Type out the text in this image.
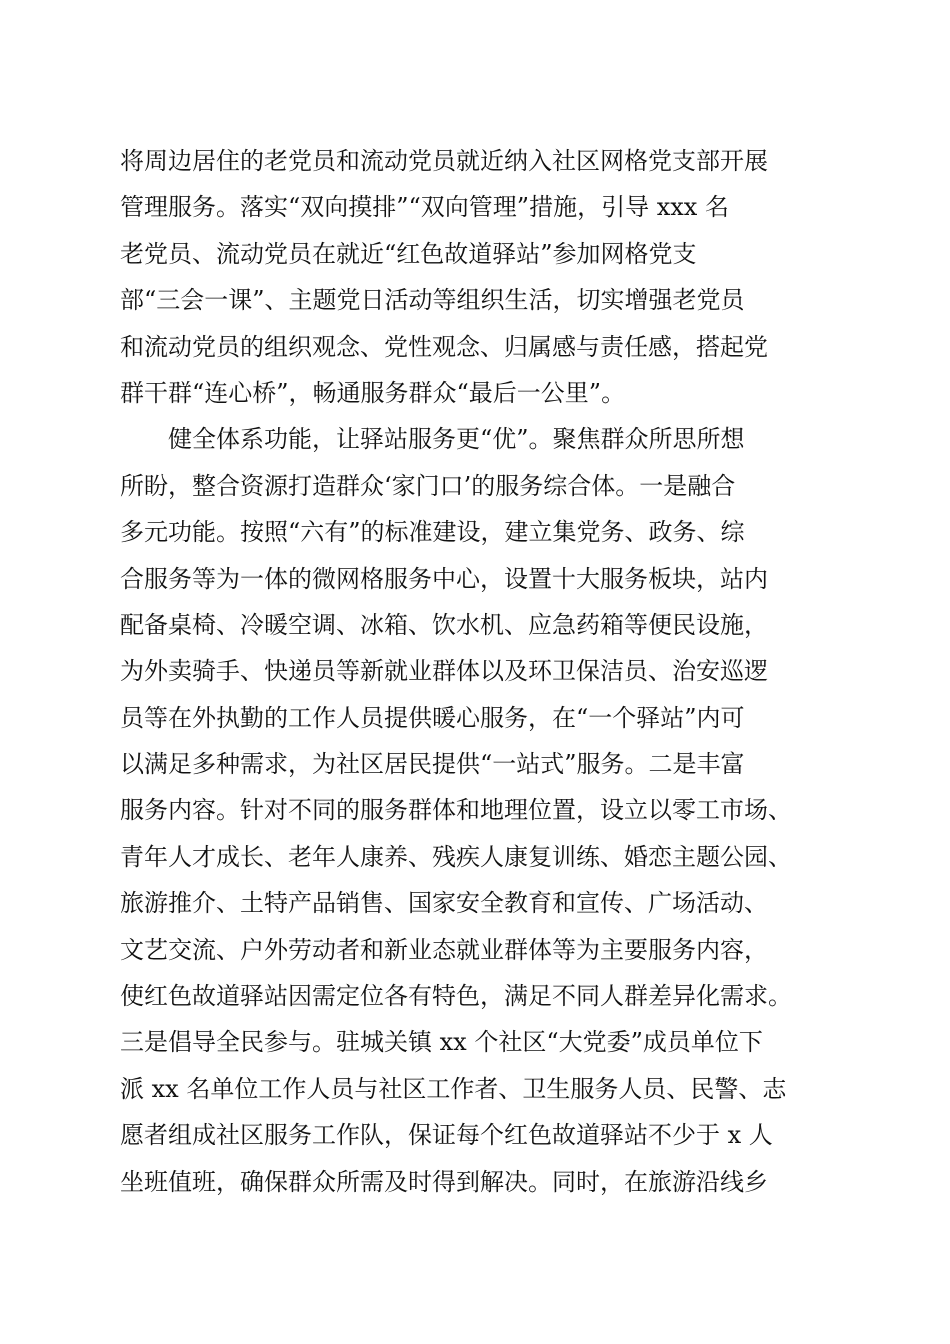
将周边居住的老党员和流动党员就近纳入社区网格党支部开展
管理服务。落实“双向摸排”“双向管理”措施，引导 xxx 名
老党员、流动党员在就近“红色故道驿站”参加网格党支
部“三会一课”、主题党日活动等组织生活，切实增强老党员
和流动党员的组织观念、党性观念、归属感与责任感，搭起党
群干群“连心桥”，畅通服务群众“最后一公里”。
健全体系功能，让驿站服务更“优”。聚焦群众所思所想
所盼，整合资源打造群众‘家门口’的服务综合体。一是融合
多元功能。按照“六有”的标准建设，建立集党务、政务、综
合服务等为一体的微网格服务中心，设置十大服务板块，站内
配备桌椅、冷暖空调、冰箱、饮水机、应急药箱等便民设施，
为外卖骑手、快递员等新就业群体以及环卫保洁员、治安巡逻
员等在外执勤的工作人员提供暖心服务，在“一个驿站”内可
以满足多种需求，为社区居民提供“一站式”服务。二是丰富
服务内容。针对不同的服务群体和地理位置，设立以零工市场、
青年人才成长、老年人康养、残疾人康复训练、婚恋主题公园、
旅游推介、土特产品销售、国家安全教育和宣传、广场活动、
文艺交流、户外劳动者和新业态就业群体等为主要服务内容，
使红色故道驿站因需定位各有特色，满足不同人群差异化需求。
三是倡导全民参与。驻城关镇 xx 个社区“大党委”成员单位下
派 xx 名单位工作人员与社区工作者、卫生服务人员、民警、志
愿者组成社区服务工作队，保证每个红色故道驿站不少于 x 人
坐班值班，确保群众所需及时得到解决。同时，在旅游沿线乡
